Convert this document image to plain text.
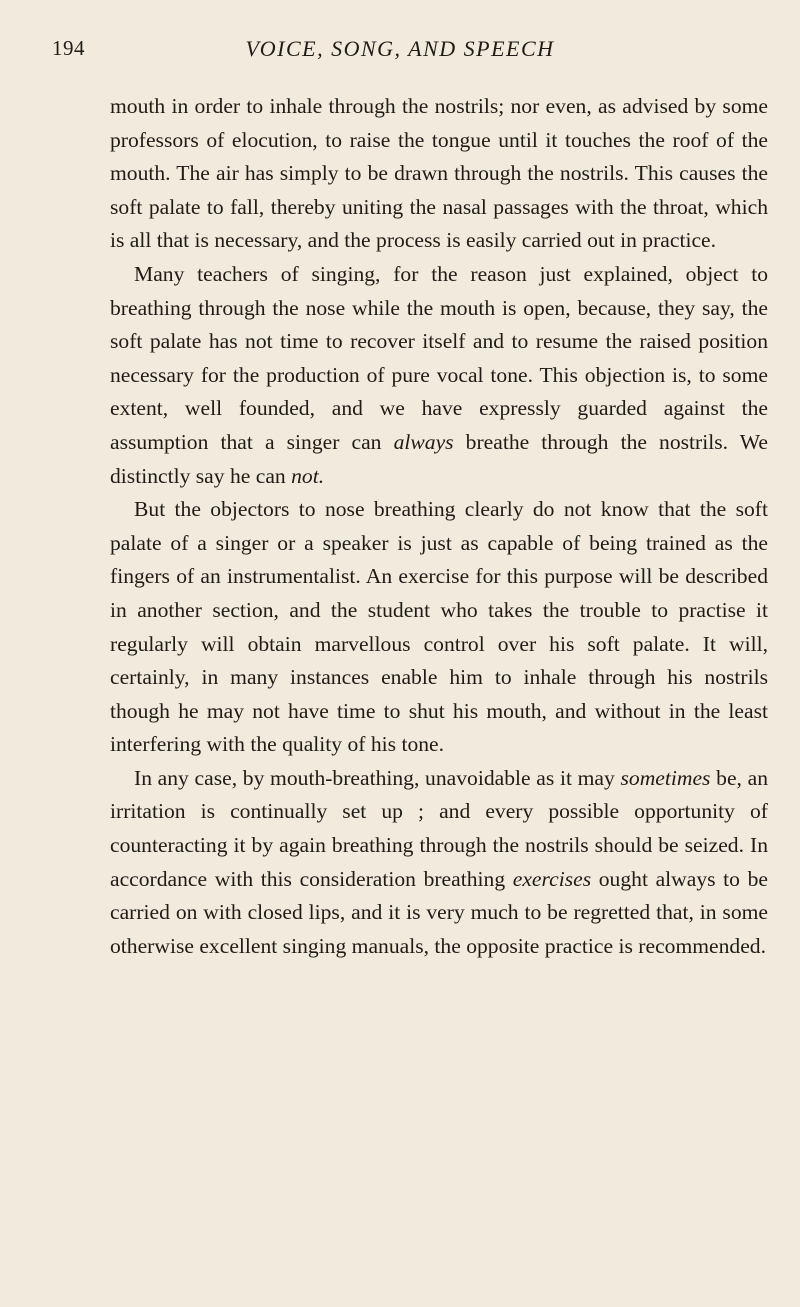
194	VOICE, SONG, AND SPEECH

mouth in order to inhale through the nostrils; nor even, as advised by some professors of elocution, to raise the tongue until it touches the roof of the mouth. The air has simply to be drawn through the nostrils. This causes the soft palate to fall, thereby uniting the nasal passages with the throat, which is all that is necessary, and the process is easily carried out in practice.

Many teachers of singing, for the reason just explained, object to breathing through the nose while the mouth is open, because, they say, the soft palate has not time to recover itself and to resume the raised position necessary for the production of pure vocal tone. This objection is, to some extent, well founded, and we have expressly guarded against the assumption that a singer can always breathe through the nostrils. We distinctly say he can not.

But the objectors to nose breathing clearly do not know that the soft palate of a singer or a speaker is just as capable of being trained as the fingers of an instrumentalist. An exercise for this purpose will be described in another section, and the student who takes the trouble to practise it regularly will obtain marvellous control over his soft palate. It will, certainly, in many instances enable him to inhale through his nostrils though he may not have time to shut his mouth, and without in the least interfering with the quality of his tone.

In any case, by mouth-breathing, unavoidable as it may sometimes be, an irritation is continually set up ; and every possible opportunity of counteracting it by again breathing through the nostrils should be seized. In accordance with this consideration breathing exercises ought always to be carried on with closed lips, and it is very much to be regretted that, in some otherwise excellent singing manuals, the opposite practice is recommended.
